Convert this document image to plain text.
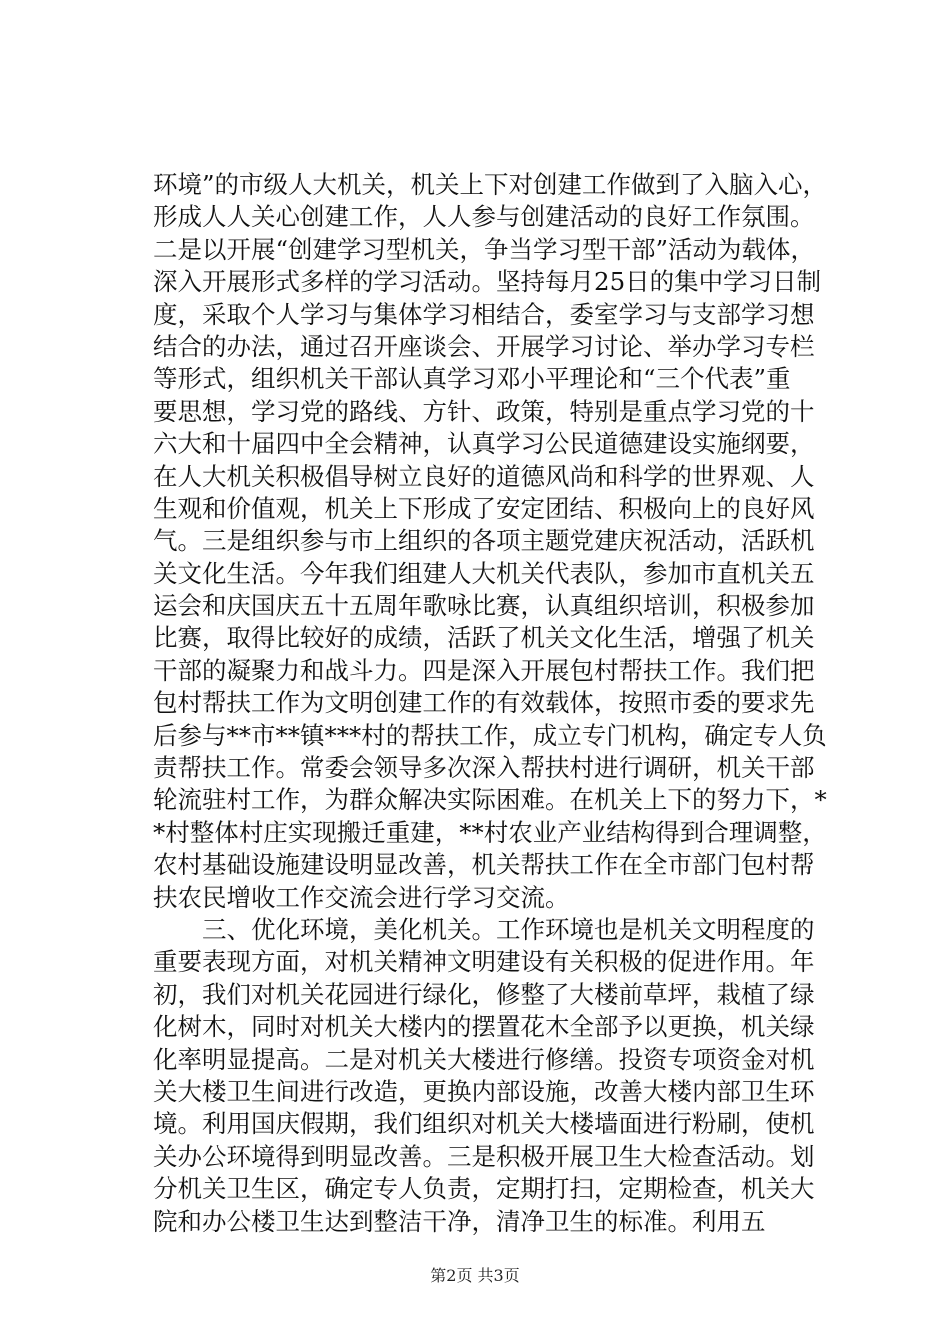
环境”的市级人大机关，机关上下对创建工作做到了入脑入心，
形成人人关心创建工作，人人参与创建活动的良好工作氛围。
二是以开展“创建学习型机关，争当学习型干部”活动为载体，
深入开展形式多样的学习活动。坚持每月25日的集中学习日制
度，采取个人学习与集体学习相结合，委室学习与支部学习想
结合的办法，通过召开座谈会、开展学习讨论、举办学习专栏
等形式，组织机关干部认真学习邓小平理论和“三个代表”重
要思想，学习党的路线、方针、政策，特别是重点学习党的十
六大和十届四中全会精神，认真学习公民道德建设实施纲要，
在人大机关积极倡导树立良好的道德风尚和科学的世界观、人
生观和价值观，机关上下形成了安定团结、积极向上的良好风
气。三是组织参与市上组织的各项主题党建庆祝活动，活跃机
关文化生活。今年我们组建人大机关代表队，参加市直机关五
运会和庆国庆五十五周年歌咏比赛，认真组织培训，积极参加
比赛，取得比较好的成绩，活跃了机关文化生活，增强了机关
干部的凝聚力和战斗力。四是深入开展包村帮扶工作。我们把
包村帮扶工作为文明创建工作的有效载体，按照市委的要求先
后参与**市**镇***村的帮扶工作，成立专门机构，确定专人负
责帮扶工作。常委会领导多次深入帮扶村进行调研，机关干部
轮流驻村工作，为群众解决实际困难。在机关上下的努力下，*
*村整体村庄实现搬迁重建，**村农业产业结构得到合理调整，
农村基础设施建设明显改善，机关帮扶工作在全市部门包村帮
扶农民增收工作交流会进行学习交流。
三、优化环境，美化机关。工作环境也是机关文明程度的
重要表现方面，对机关精神文明建设有关积极的促进作用。年
初，我们对机关花园进行绿化，修整了大楼前草坪，栽植了绿
化树木，同时对机关大楼内的摆置花木全部予以更换，机关绿
化率明显提高。二是对机关大楼进行修缮。投资专项资金对机
关大楼卫生间进行改造，更换内部设施，改善大楼内部卫生环
境。利用国庆假期，我们组织对机关大楼墙面进行粉刷，使机
关办公环境得到明显改善。三是积极开展卫生大检查活动。划
分机关卫生区，确定专人负责，定期打扫，定期检查，机关大
院和办公楼卫生达到整洁干净，清净卫生的标准。利用五
第2页 共3页
